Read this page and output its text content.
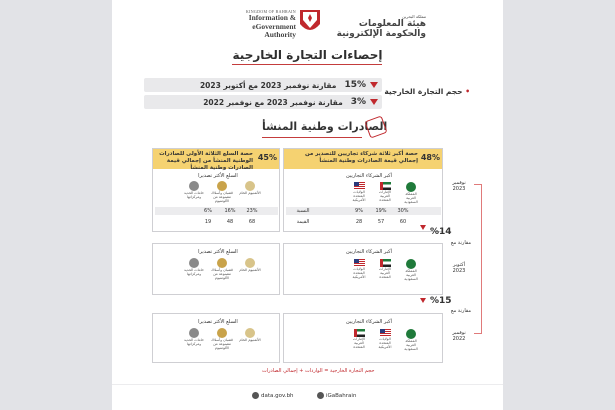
KINGDOM OF BAHRAIN
Information & eGovernment
Authority
مملكة البحرين
هيئة المعلومات والحكومة الإلكترونية
إحصاءات التجارة الخارجية
• حجم التجارة الخارجية
15%
مقارنة نوفمبر 2023 مع أكتوبر 2023
3%
مقارنة نوفمبر 2023 مع نوفمبر 2022
الصادرات وطنية المنشأ
حصة أكبر ثلاثة شركاء تجاريين للتصدير من إجمالي قيمة الصادرات وطنية المنشأ 48%
أكبر الشركاء التجاريين
المملكة العربية السعودية
الإمارات العربية المتحدة
الولايات المتحدة الأمريكية
30%
19%
9%
60
57
28
النسبة
القيمة
نوفمبر 2023
حصة السلع الثلاثة الأولى للصادرات الوطنية المنشأ من إجمالي قيمة الصادرات وطنية المنشأ
45%
السلع الأكثر تصديرا
الألمنيوم الخام
قضبان وأسلاك مصنوعة من الألومنيوم
خامات الحديد ومركزاتها
23%
16%
6%
68
48
19
%14
مقارنة مع
أكبر الشركاء التجاريين
المملكة العربية السعودية
الإمارات العربية المتحدة
الولايات المتحدة الأمريكية
أكتوبر 2023
السلع الأكثر تصديرا
الألمنيوم الخام
قضبان وأسلاك مصنوعة من الألومنيوم
خامات الحديد ومركزاتها
%15
مقارنة مع
أكبر الشركاء التجاريين
المملكة العربية السعودية
الولايات المتحدة الأمريكية
الإمارات العربية المتحدة
نوفمبر 2022
السلع الأكثر تصديرا
الألمنيوم الخام
قضبان وأسلاك مصنوعة من الألومنيوم
خامات الحديد ومركزاتها
حجم التجارة الخارجية = الواردات + إجمالي الصادرات
data.gov.bh	iGaBahrain
